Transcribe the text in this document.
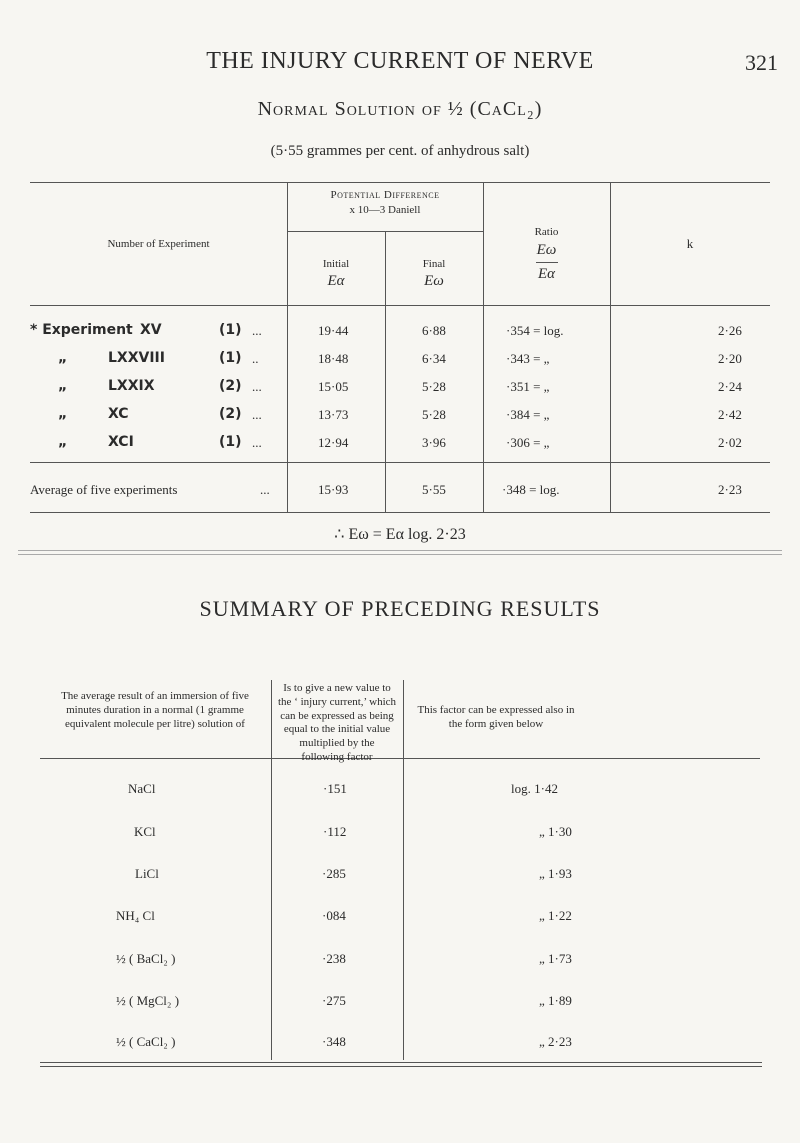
THE INJURY CURRENT OF NERVE	321
Normal Solution of ½ (CaCl₂)
(5·55 grammes per cent. of anhydrous salt)
Number of Experiment
Potential Difference
x 10—3 Daniell
Initial
Eα
Final
Eω
Ratio
Eω
Eα
k
* Experiment XV	(1) ...	19·44	6·88	·354 = log.	2·26
„	LXXVIII	(1) ..	18·48	6·34	·343 = „	2·20
„	LXXIX	(2) ...	15·05	5·28	·351 = „	2·24
„	XC	(2) ...	13·73	5·28	·384 = „	2·42
„	XCI	(1) ...	12·94	3·96	·306 = „	2·02
Average of five experiments	...	15·93	5·55	·348 = log.	2·23
∴ Eω = Eα log. 2·23
SUMMARY OF PRECEDING RESULTS
The average result of an immersion of five minutes duration in a normal (1 gramme equivalent molecule per litre) solution of
Is to give a new value to the ‘ injury current,’ which can be expressed as being equal to the initial value multiplied by the following factor
This factor can be expressed also in the form given below
NaCl	·151	log. 1·42
KCl	·112	„ 1·30
LiCl	·285	„ 1·93
NH₄ Cl	·084	„ 1·22
½ ( BaCl₂ )	·238	„ 1·73
½ ( MgCl₂ )	·275	„ 1·89
½ ( CaCl₂ )	·348	„ 2·23
